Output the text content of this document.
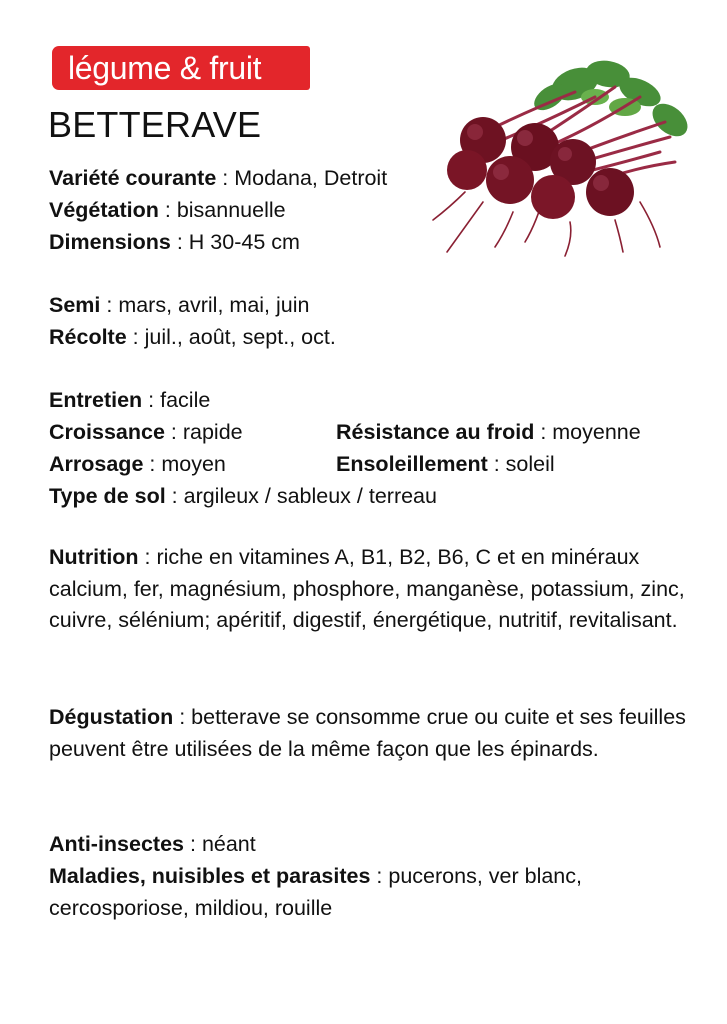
légume & fruit
BETTERAVE
Variété courante : Modana, Detroit
Végétation : bisannuelle
Dimensions : H 30-45 cm
Semi : mars, avril, mai, juin
Récolte : juil., août, sept., oct.
Entretien : facile
Croissance : rapide	Résistance au froid : moyenne
Arrosage : moyen	Ensoleillement : soleil
Type de sol : argileux / sableux / terreau
Nutrition : riche en vitamines A, B1, B2, B6, C et en minéraux calcium, fer, magnésium, phosphore, manganèse, potassium, zinc, cuivre, sélénium; apéritif, digestif, énergétique, nutritif, revitalisant.
Dégustation : betterave se consomme crue ou cuite et ses feuilles peuvent être utilisées de la même façon que les épinards.
Anti-insectes : néant
Maladies, nuisibles et parasites : pucerons, ver blanc, cercosporiose, mildiou, rouille
